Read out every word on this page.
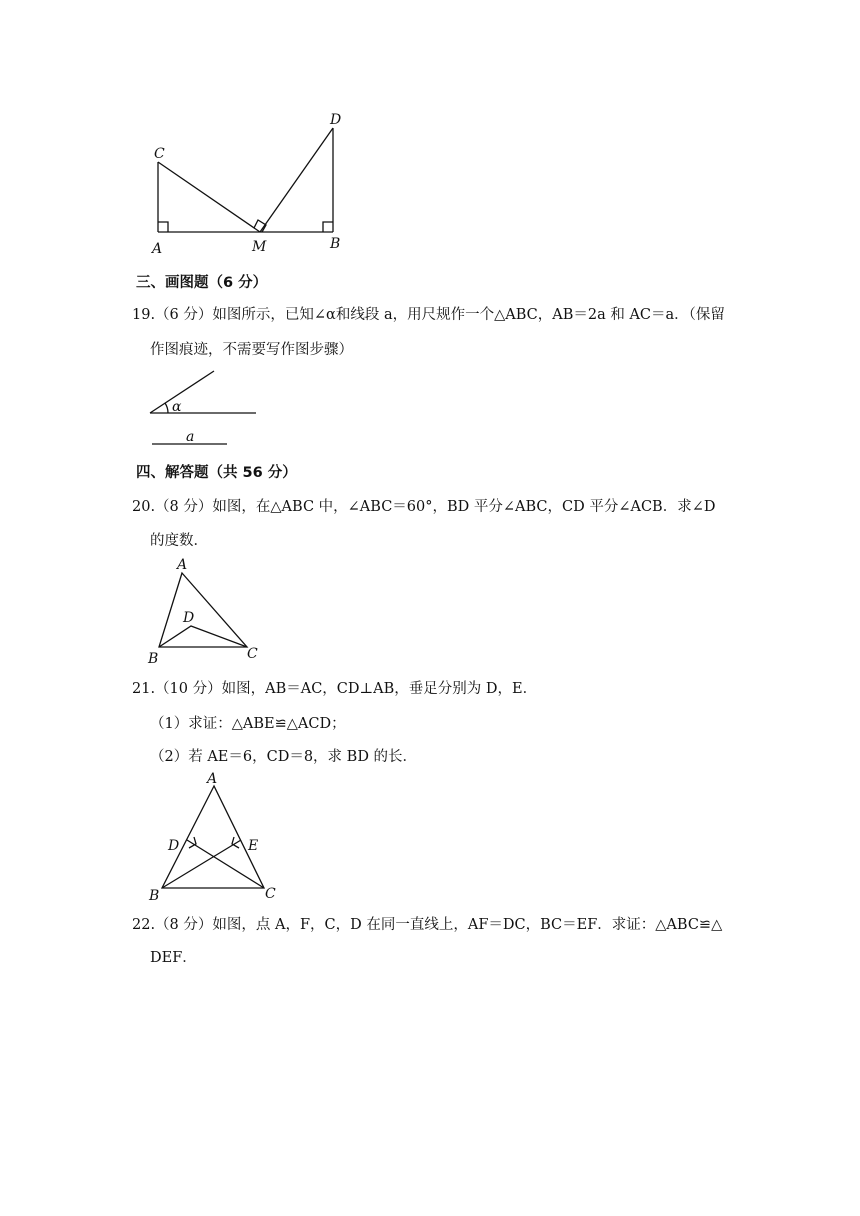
C
D
A	M	B
三、画图题（6 分）
19.（6 分）如图所示，已知∠α和线段 a，用尺规作一个△ABC，AB＝2a 和 AC＝a．（保留
作图痕迹，不需要写作图步骤）
α
a
四、解答题（共 56 分）
20.（8 分）如图，在△ABC 中，∠ABC＝60°，BD 平分∠ABC，CD 平分∠ACB．求∠D
的度数．
A
D
B	C
21.（10 分）如图，AB＝AC，CD⊥AB，垂足分别为 D，E．
（1）求证：△ABE≌△ACD；
（2）若 AE＝6，CD＝8，求 BD 的长．
A
D	E
B	C
22.（8 分）如图，点 A，F，C，D 在同一直线上，AF＝DC，BC＝EF．求证：△ABC≌△
DEF．
